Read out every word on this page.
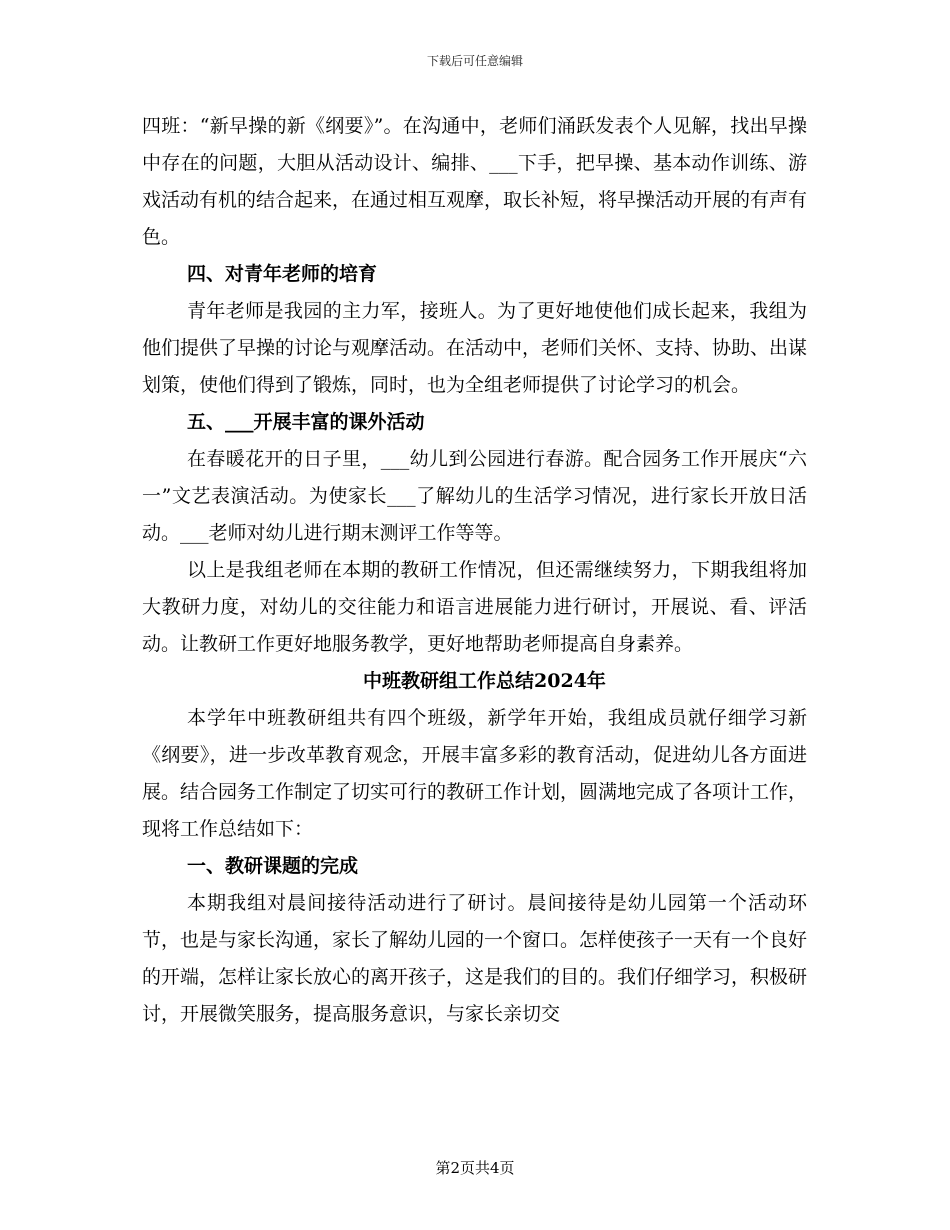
下载后可任意编辑

四班：“新早操的新《纲要》”。在沟通中，老师们涌跃发表个人见解，找出早操中存在的问题，大胆从活动设计、编排、___下手，把早操、基本动作训练、游戏活动有机的结合起来，在通过相互观摩，取长补短，将早操活动开展的有声有色。

四、对青年老师的培育

青年老师是我园的主力军，接班人。为了更好地使他们成长起来，我组为他们提供了早操的讨论与观摩活动。在活动中，老师们关怀、支持、协助、出谋划策，使他们得到了锻炼，同时，也为全组老师提供了讨论学习的机会。

五、___开展丰富的课外活动

在春暖花开的日子里，___幼儿到公园进行春游。配合园务工作开展庆“六一”文艺表演活动。为使家长___了解幼儿的生活学习情况，进行家长开放日活动。___老师对幼儿进行期末测评工作等等。

以上是我组老师在本期的教研工作情况，但还需继续努力，下期我组将加大教研力度，对幼儿的交往能力和语言进展能力进行研讨，开展说、看、评活动。让教研工作更好地服务教学，更好地帮助老师提高自身素养。

中班教研组工作总结2024年

本学年中班教研组共有四个班级，新学年开始，我组成员就仔细学习新《纲要》，进一步改革教育观念，开展丰富多彩的教育活动，促进幼儿各方面进展。结合园务工作制定了切实可行的教研工作计划，圆满地完成了各项计工作，现将工作总结如下：

一、教研课题的完成

本期我组对晨间接待活动进行了研讨。晨间接待是幼儿园第一个活动环节，也是与家长沟通，家长了解幼儿园的一个窗口。怎样使孩子一天有一个良好的开端，怎样让家长放心的离开孩子，这是我们的目的。我们仔细学习，积极研讨，开展微笑服务，提高服务意识，与家长亲切交

第2页共4页
